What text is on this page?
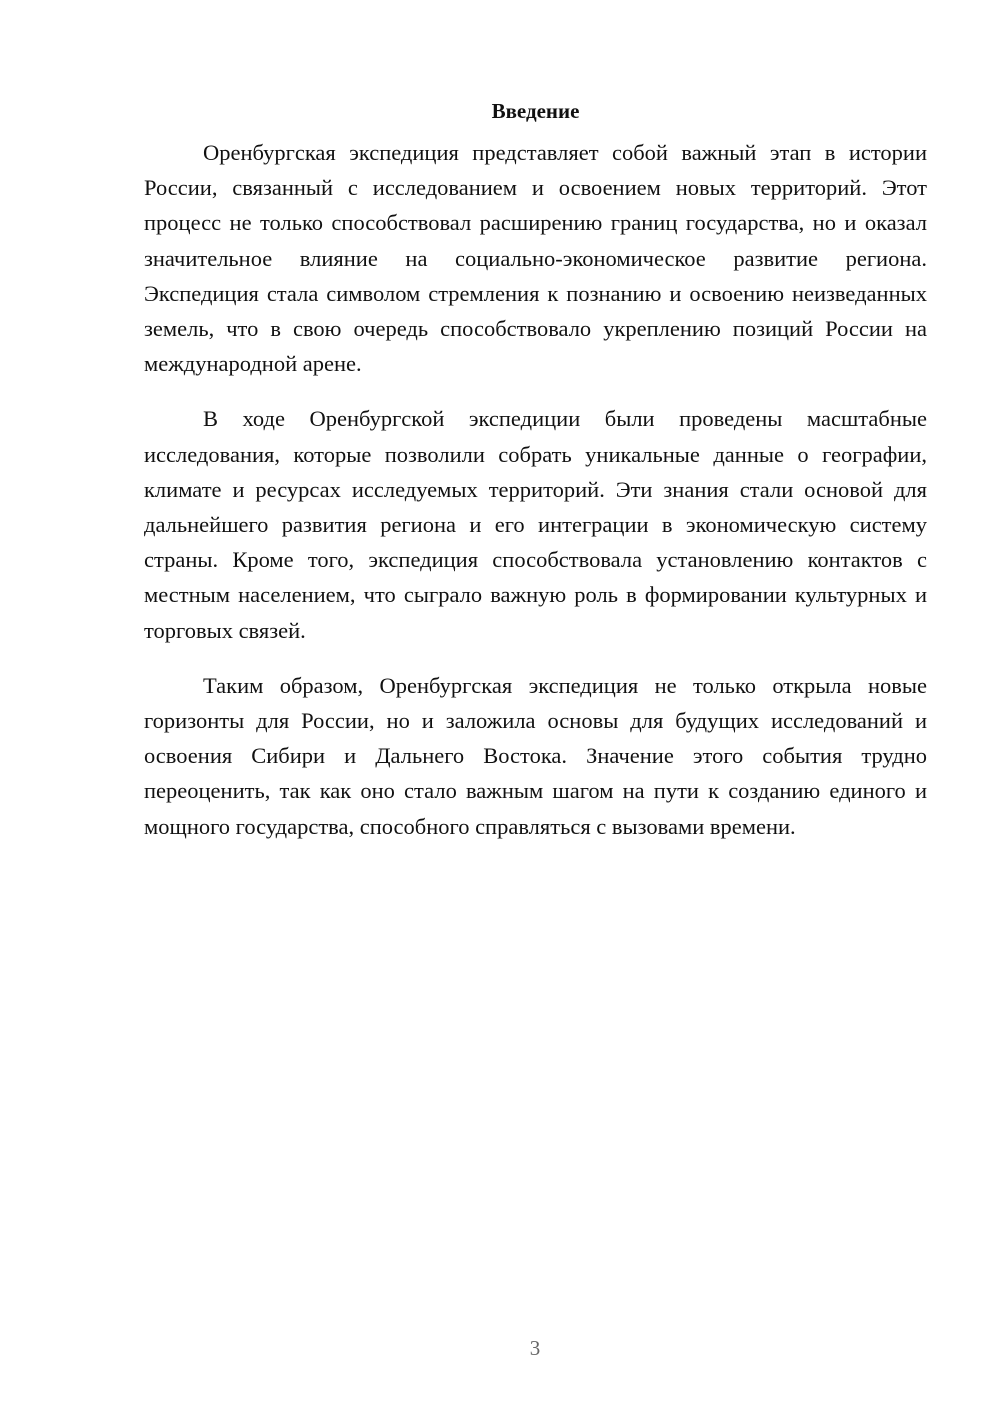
Введение

Оренбургская экспедиция представляет собой важный этап в истории России, связанный с исследованием и освоением новых территорий. Этот процесс не только способствовал расширению границ государства, но и оказал значительное влияние на социально-экономическое развитие региона. Экспедиция стала символом стремления к познанию и освоению неизведанных земель, что в свою очередь способствовало укреплению позиций России на международной арене.

В ходе Оренбургской экспедиции были проведены масштабные исследования, которые позволили собрать уникальные данные о географии, климате и ресурсах исследуемых территорий. Эти знания стали основой для дальнейшего развития региона и его интеграции в экономическую систему страны. Кроме того, экспедиция способствовала установлению контактов с местным населением, что сыграло важную роль в формировании культурных и торговых связей.

Таким образом, Оренбургская экспедиция не только открыла новые горизонты для России, но и заложила основы для будущих исследований и освоения Сибири и Дальнего Востока. Значение этого события трудно переоценить, так как оно стало важным шагом на пути к созданию единого и мощного государства, способного справляться с вызовами времени.

3
